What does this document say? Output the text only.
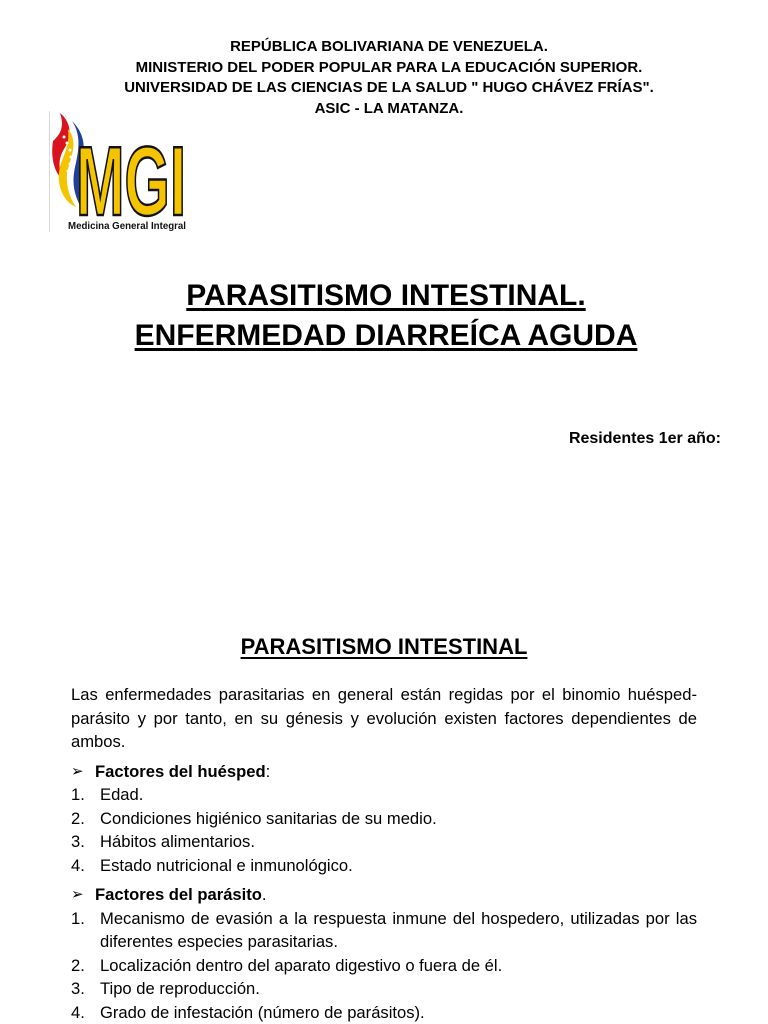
REPÚBLICA BOLIVARIANA DE VENEZUELA.
MINISTERIO DEL PODER POPULAR PARA LA EDUCACIÓN SUPERIOR.
UNIVERSIDAD DE LAS CIENCIAS DE LA SALUD " HUGO CHÁVEZ FRÍAS".
ASIC - LA MATANZA.
MGI
Medicina General Integral
PARASITISMO INTESTINAL.
ENFERMEDAD DIARREÍCA AGUDA
Residentes 1er año:
PARASITISMO INTESTINAL

Las enfermedades parasitarias en general están regidas por el binomio huésped- parásito y por tanto, en su génesis y evolución existen factores dependientes de ambos.

➢ Factores del huésped:
1. Edad.
2. Condiciones higiénico sanitarias de su medio.
3. Hábitos alimentarios.
4. Estado nutricional e inmunológico.
➢ Factores del parásito.
1. Mecanismo de evasión a la respuesta inmune del hospedero, utilizadas por las diferentes especies parasitarias.
2. Localización dentro del aparato digestivo o fuera de él.
3. Tipo de reproducción.
4. Grado de infestación (número de parásitos).
